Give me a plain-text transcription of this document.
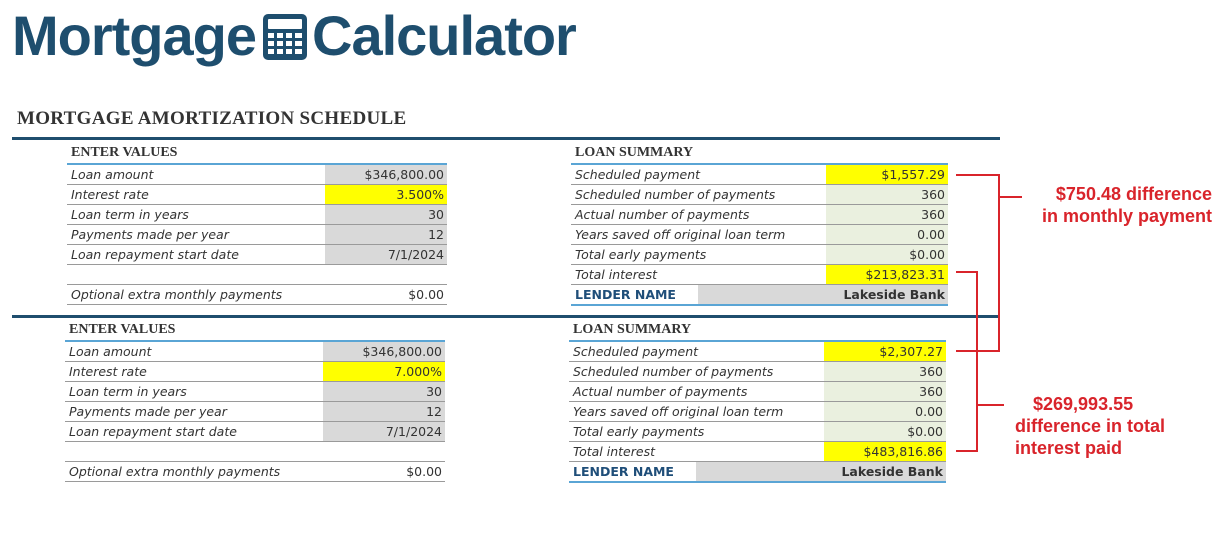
Mortgage Calculator
MORTGAGE AMORTIZATION SCHEDULE
ENTER VALUES
Loan amount	$346,800.00
Interest rate	3.500%
Loan term in years	30
Payments made per year	12
Loan repayment start date	7/1/2024
Optional extra monthly payments	$0.00
LOAN SUMMARY
Scheduled payment	$1,557.29
Scheduled number of payments	360
Actual number of payments	360
Years saved off original loan term	0.00
Total early payments	$0.00
Total interest	$213,823.31
LENDER NAME	Lakeside Bank
ENTER VALUES
Loan amount	$346,800.00
Interest rate	7.000%
Loan term in years	30
Payments made per year	12
Loan repayment start date	7/1/2024
Optional extra monthly payments	$0.00
LOAN SUMMARY
Scheduled payment	$2,307.27
Scheduled number of payments	360
Actual number of payments	360
Years saved off original loan term	0.00
Total early payments	$0.00
Total interest	$483,816.86
LENDER NAME	Lakeside Bank
$750.48 difference
in monthly payment
$269,993.55
difference in total
interest paid
